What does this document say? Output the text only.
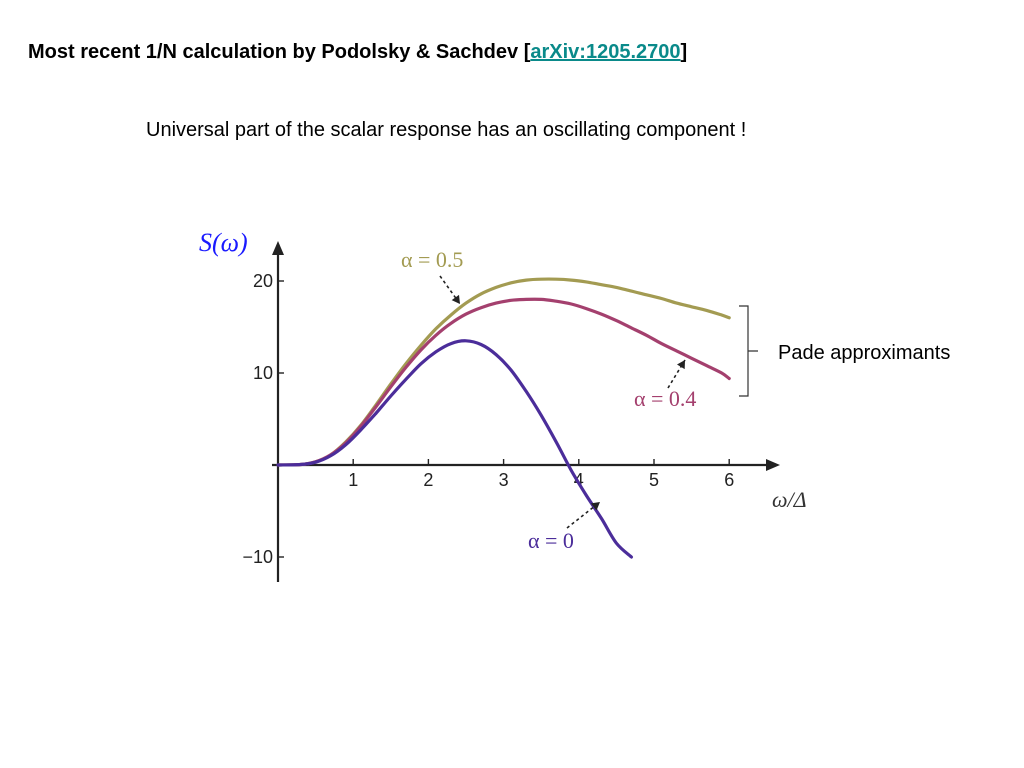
Most recent 1/N calculation by Podolsky & Sachdev [arXiv:1205.2700]
Universal part of the scalar response has an oscillating component !
Pade approximants
1	2	3	4	5	6
−10
10
20
ω/Δ
S(ω)
α = 0.5
α = 0.4
α = 0
